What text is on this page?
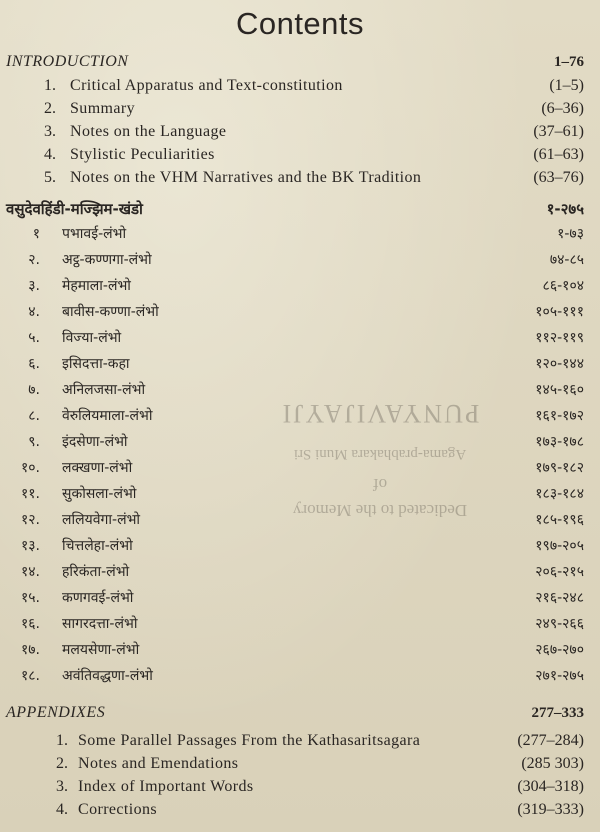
Contents
INTRODUCTION	1–76
1. Critical Apparatus and Text-constitution	(1–5)
2. Summary	(6–36)
3. Notes on the Language	(37–61)
4. Stylistic Peculiarities	(61–63)
5. Notes on the VHM Narratives and the BK Tradition	(63–76)
वसुदेवहिंडी-मज्झिम-खंडो	१-२७५
१ पभावई-लंभो	१-७३
२. अट्ठ-कण्णगा-लंभो	७४-८५
३. मेहमाला-लंभो	८६-१०४
४. बावीस-कण्णा-लंभो	१०५-१११
५. विज्या-लंभो	११२-११९
६. इसिदत्ता-कहा	१२०-१४४
७. अनिलजसा-लंभो	१४५-१६०
८. वेरुलियमाला-लंभो	१६१-१७२
९. इंदसेणा-लंभो	१७३-१७८
१०. लक्खणा-लंभो	१७९-१८२
११. सुकोसला-लंभो	१८३-१८४
१२. ललियवेगा-लंभो	१८५-१९६
१३. चित्तलेहा-लंभो	१९७-२०५
१४. हरिकंता-लंभो	२०६-२१५
१५. कणगवई-लंभो	२१६-२४८
१६. सागरदत्ता-लंभो	२४९-२६६
१७. मलयसेणा-लंभो	२६७-२७०
१८. अवंतिवद्धणा-लंभो	२७१-२७५
APPENDIXES	277–333
1. Some Parallel Passages From the Kathasaritsagara	(277–284)
2. Notes and Emendations	(285 303)
3. Index of Important Words	(304–318)
4. Corrections	(319–333)
Dedicated to the Memory
of
Agama-prabhakara Muni Sri
PUNYAVIJAYJI
